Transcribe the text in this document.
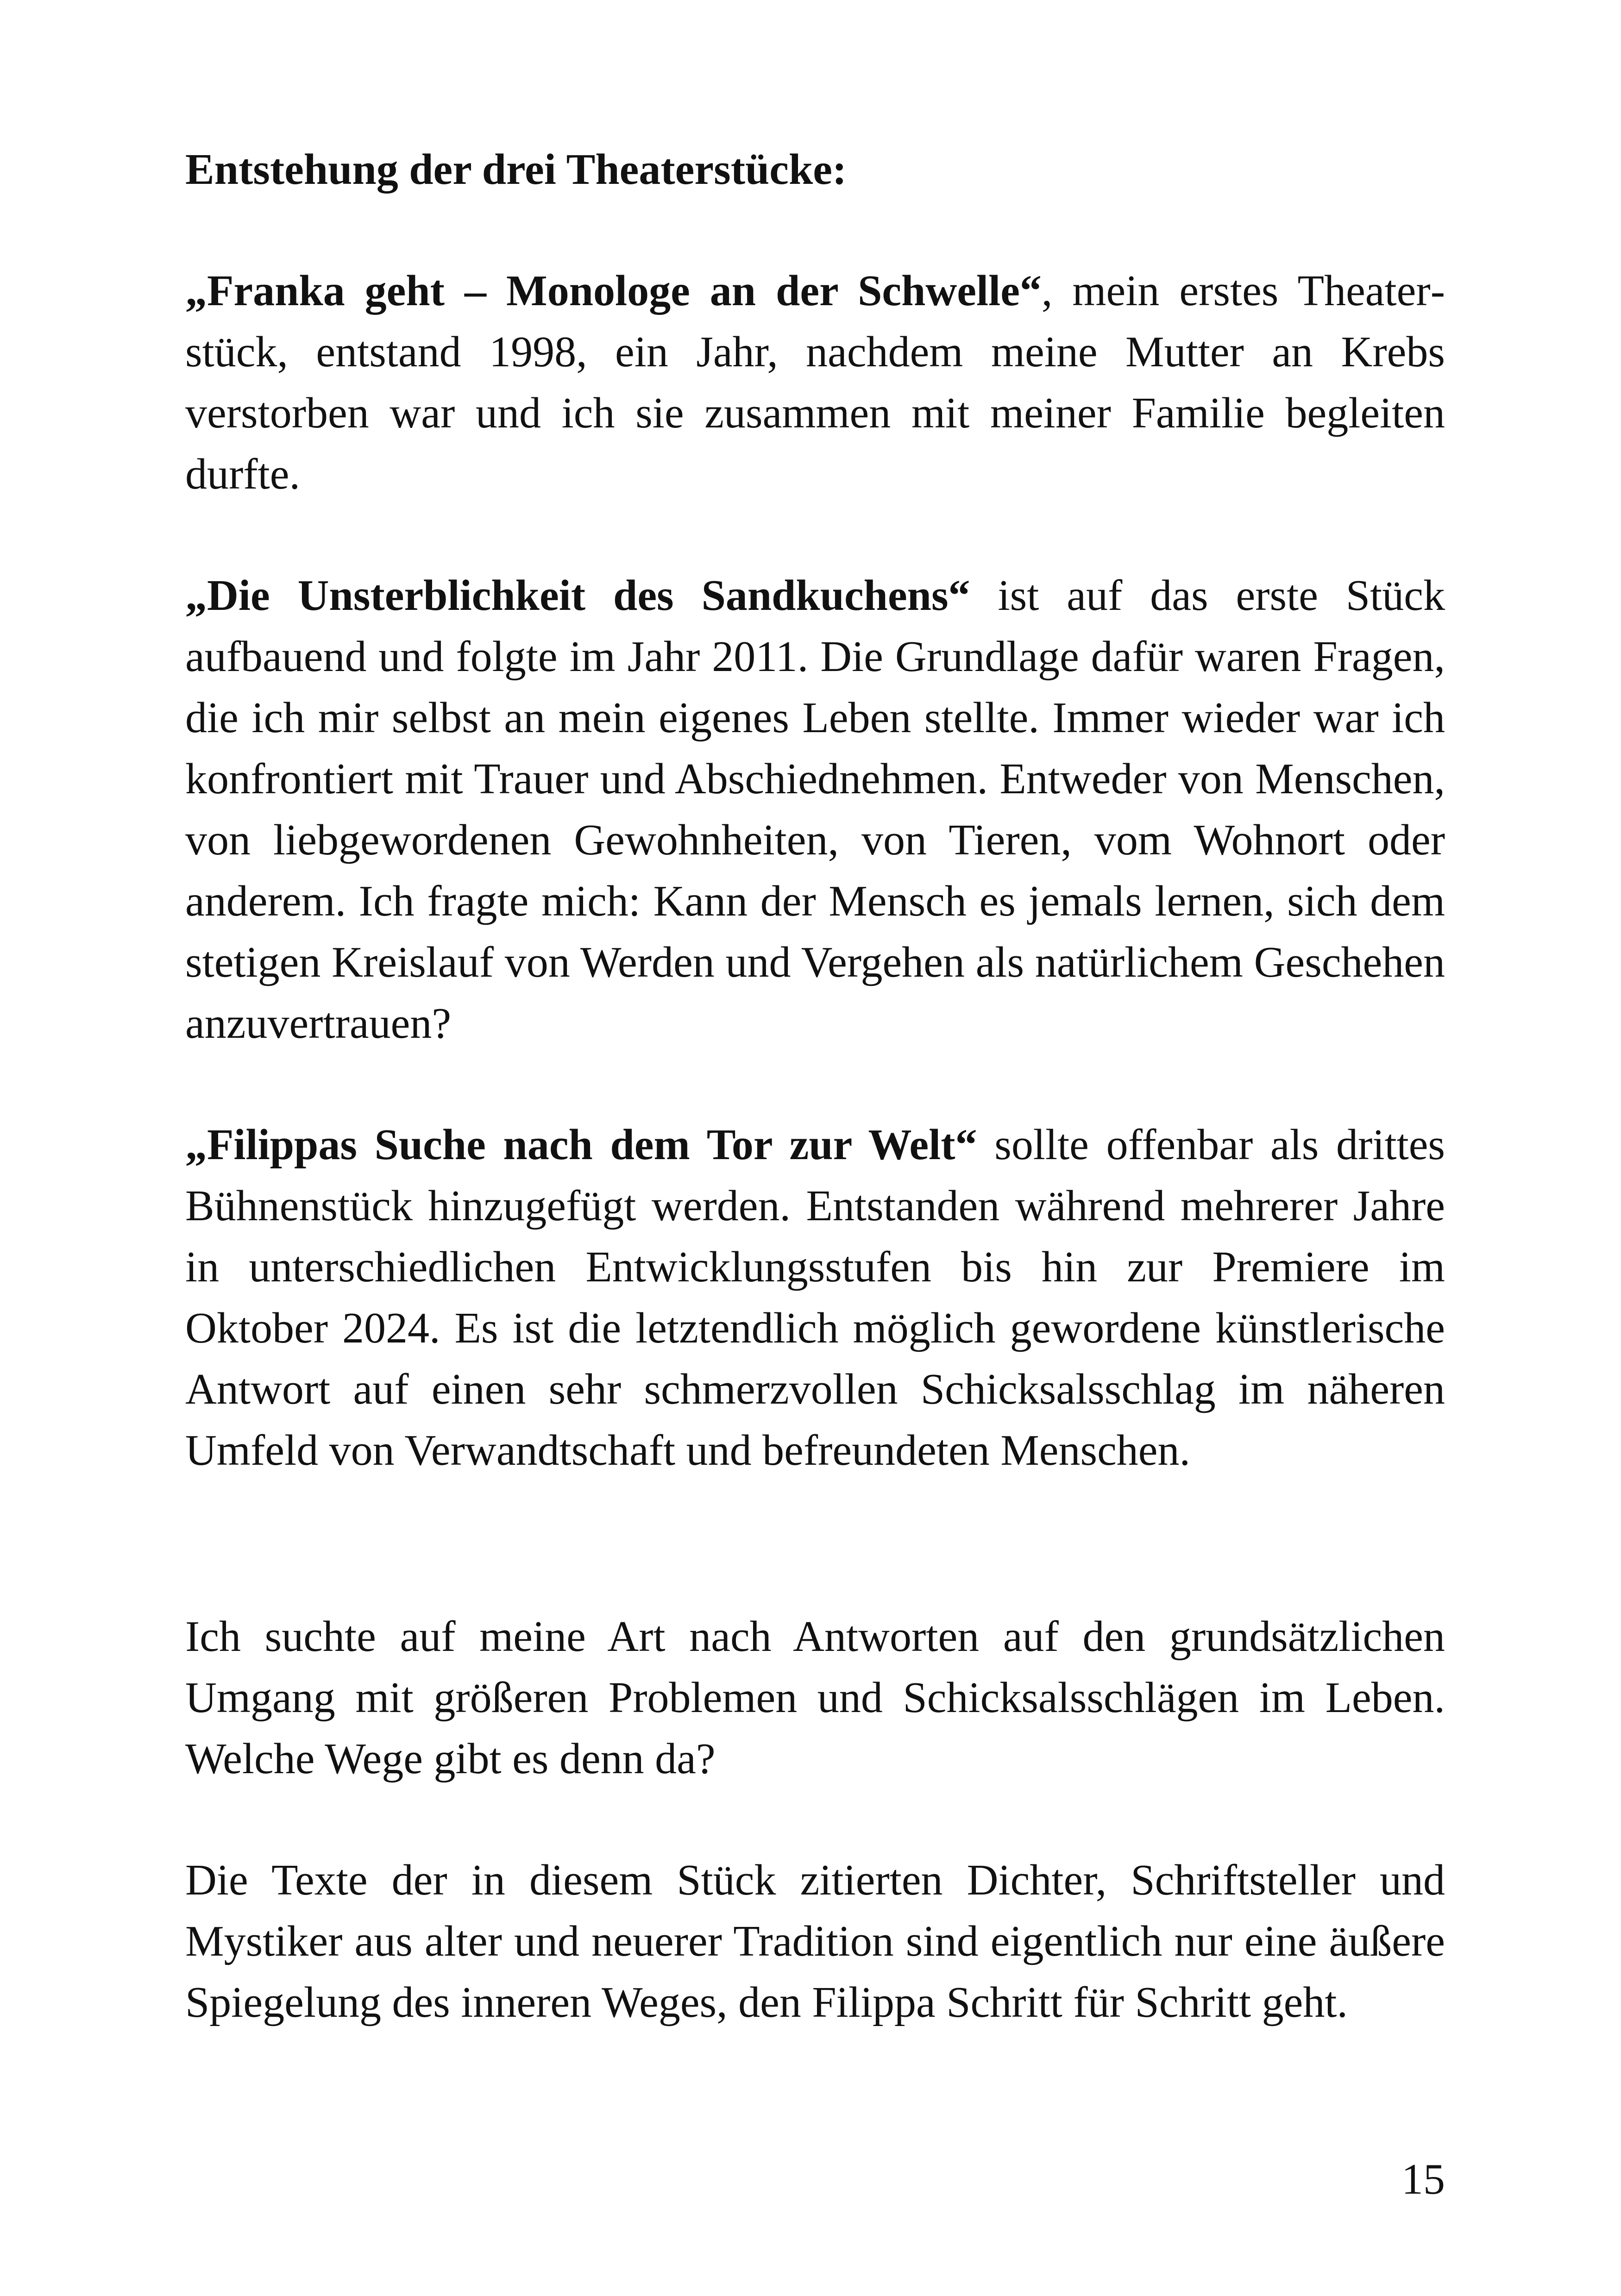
Entstehung der drei Theaterstücke:

„Franka geht – Monologe an der Schwelle“, mein erstes Theaterstück, entstand 1998, ein Jahr, nachdem meine Mutter an Krebs verstorben war und ich sie zusammen mit meiner Familie begleiten durfte.

„Die Unsterblichkeit des Sandkuchens“ ist auf das erste Stück aufbauend und folgte im Jahr 2011. Die Grundlage dafür waren Fragen, die ich mir selbst an mein eigenes Leben stellte. Immer wieder war ich konfrontiert mit Trauer und Abschiednehmen. Entweder von Menschen, von liebgewordenen Gewohnheiten, von Tieren, vom Wohnort oder anderem. Ich fragte mich: Kann der Mensch es jemals lernen, sich dem stetigen Kreislauf von Werden und Vergehen als natürlichem Geschehen anzuvertrauen?

„Filippas Suche nach dem Tor zur Welt“ sollte offenbar als drittes Bühnenstück hinzugefügt werden. Entstanden während mehrerer Jahre in unterschiedlichen Entwicklungsstufen bis hin zur Premiere im Oktober 2024. Es ist die letztendlich möglich gewordene künstlerische Antwort auf einen sehr schmerzvollen Schicksalsschlag im näheren Umfeld von Verwandtschaft und befreundeten Menschen.

Ich suchte auf meine Art nach Antworten auf den grundsätzlichen Umgang mit größeren Problemen und Schicksalsschlägen im Leben. Welche Wege gibt es denn da?

Die Texte der in diesem Stück zitierten Dichter, Schriftsteller und Mystiker aus alter und neuerer Tradition sind eigentlich nur eine äußere Spiegelung des inneren Weges, den Filippa Schritt für Schritt geht.

15
